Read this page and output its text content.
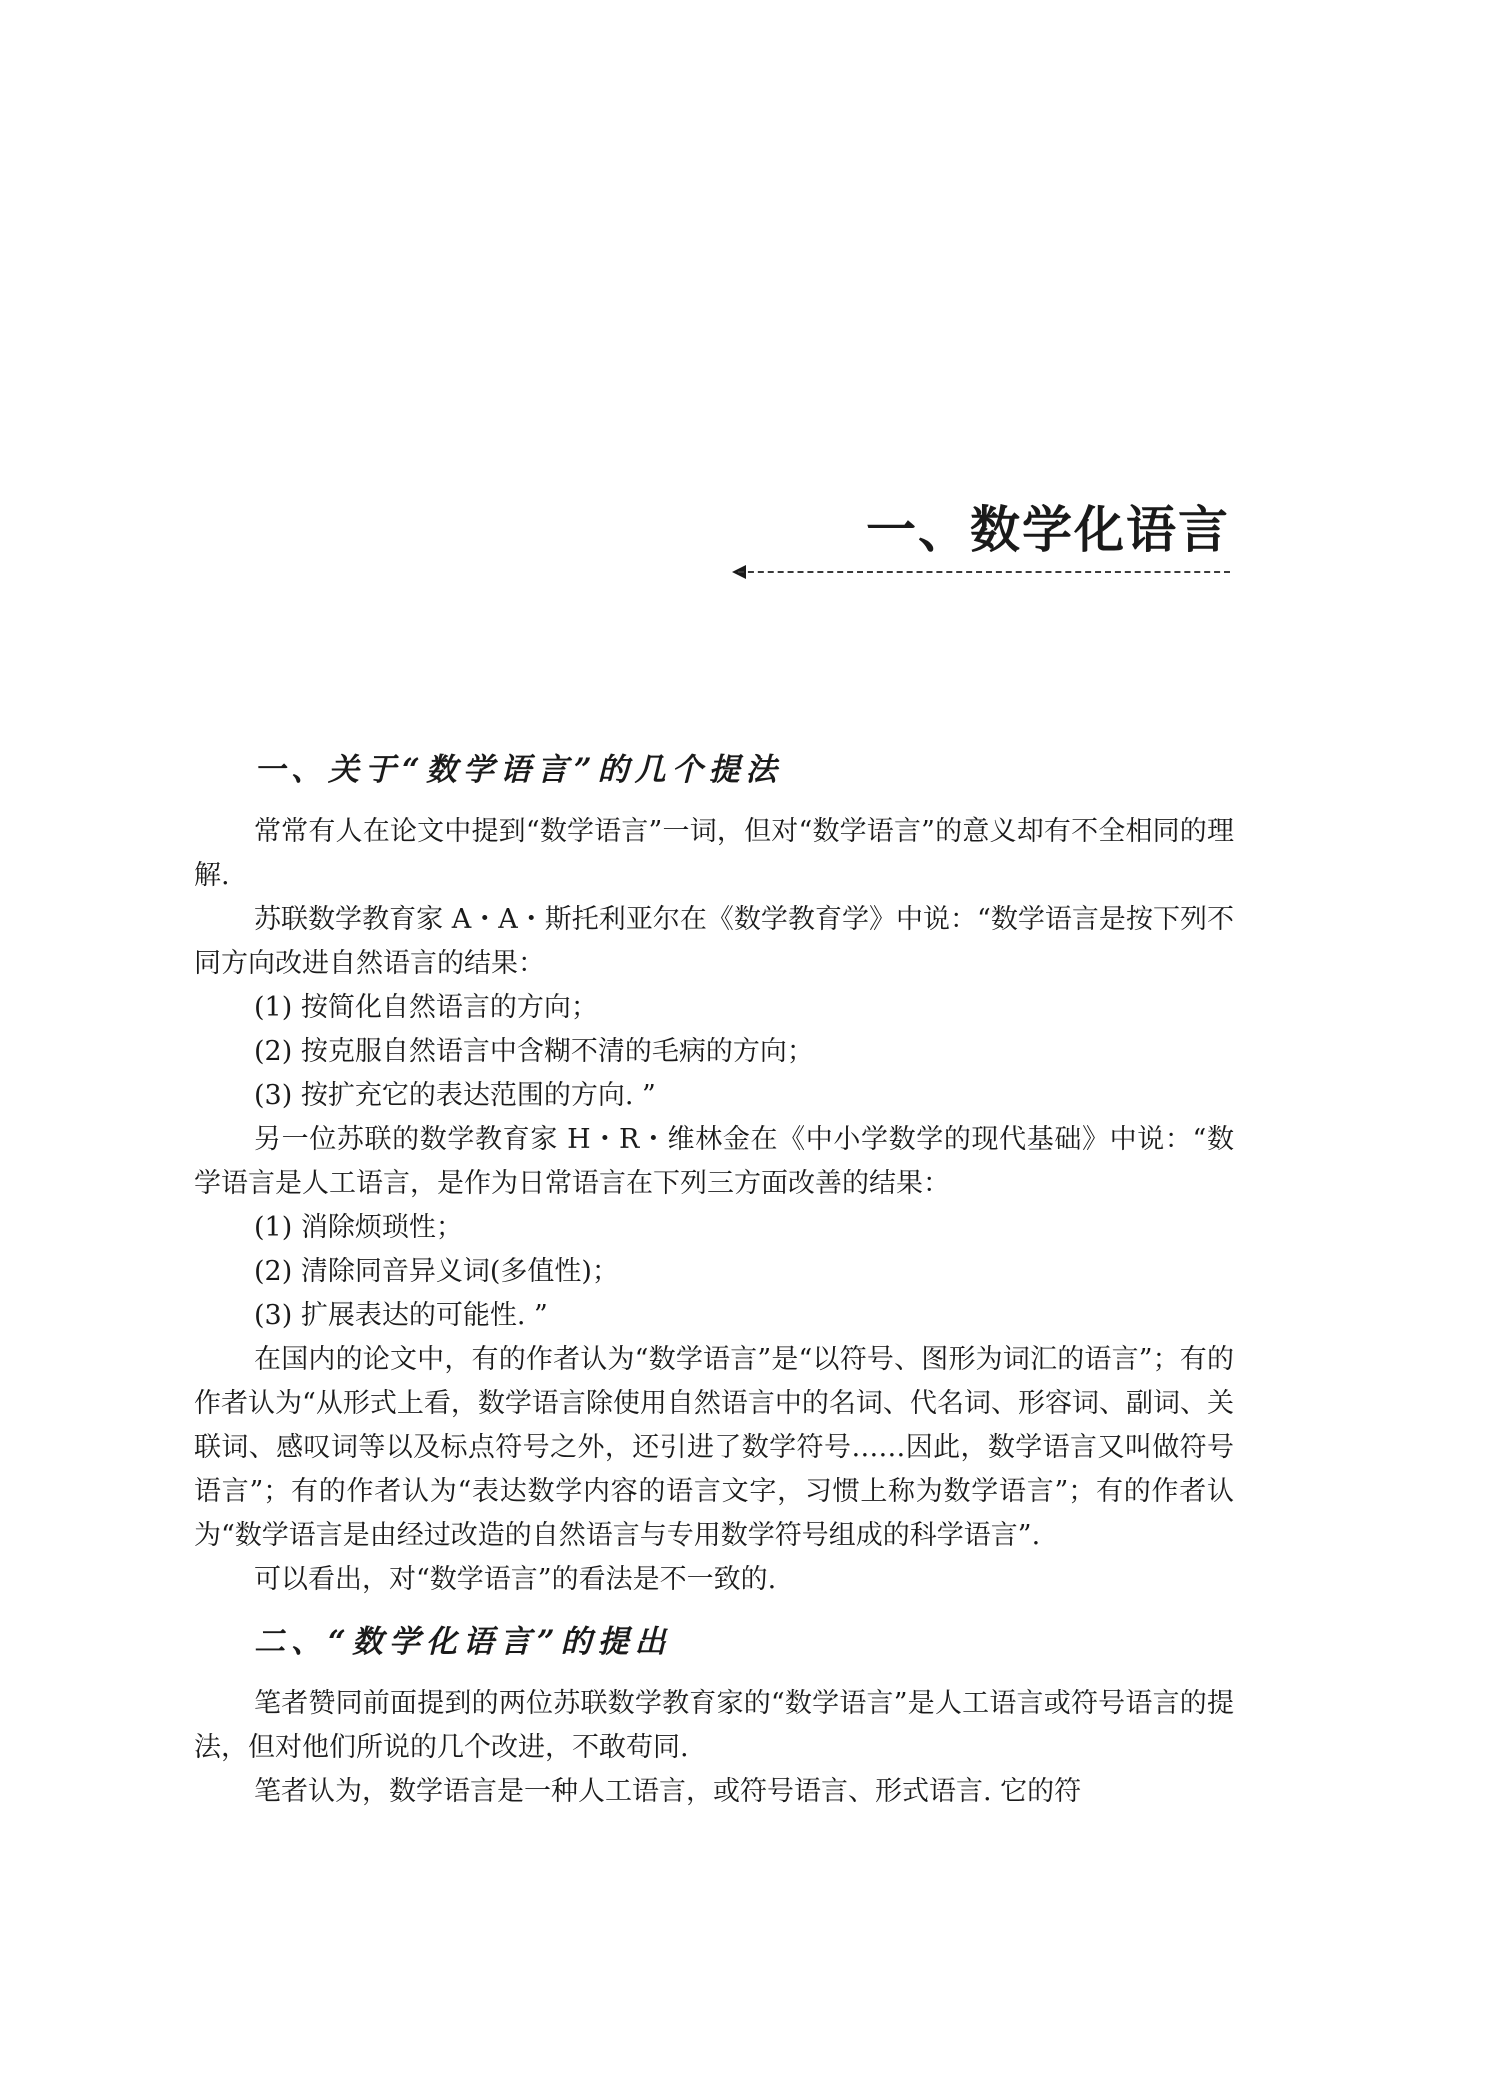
一、数学化语言
一、关于“数学语言”的几个提法

常常有人在论文中提到“数学语言”一词，但对“数学语言”的意义却有不全相同的理解.

苏联数学教育家 A・A・斯托利亚尔在《数学教育学》中说：“数学语言是按下列不同方向改进自然语言的结果：

(1) 按简化自然语言的方向；

(2) 按克服自然语言中含糊不清的毛病的方向；

(3) 按扩充它的表达范围的方向. ”

另一位苏联的数学教育家 H・R・维林金在《中小学数学的现代基础》中说：“数学语言是人工语言，是作为日常语言在下列三方面改善的结果：

(1) 消除烦琐性；

(2) 清除同音异义词(多值性)；

(3) 扩展表达的可能性. ”

在国内的论文中，有的作者认为“数学语言”是“以符号、图形为词汇的语言”；有的作者认为“从形式上看，数学语言除使用自然语言中的名词、代名词、形容词、副词、关联词、感叹词等以及标点符号之外，还引进了数学符号……因此，数学语言又叫做符号语言”；有的作者认为“表达数学内容的语言文字，习惯上称为数学语言”；有的作者认为“数学语言是由经过改造的自然语言与专用数学符号组成的科学语言”.

可以看出，对“数学语言”的看法是不一致的.

二、“数学化语言”的提出

笔者赞同前面提到的两位苏联数学教育家的“数学语言”是人工语言或符号语言的提法，但对他们所说的几个改进，不敢苟同.

笔者认为，数学语言是一种人工语言，或符号语言、形式语言. 它的符
